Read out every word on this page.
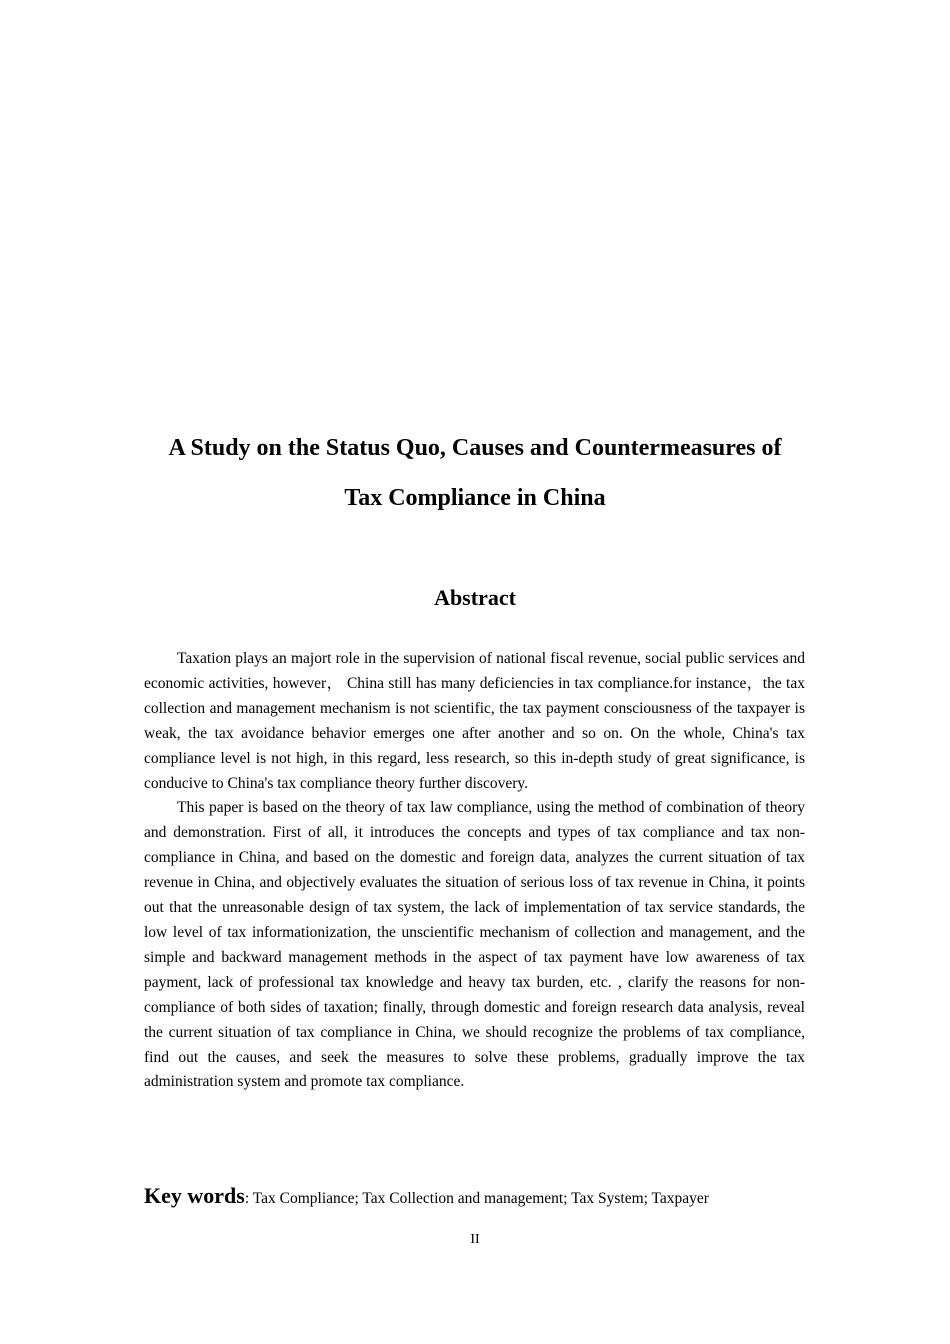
A Study on the Status Quo, Causes and Countermeasures of
Tax Compliance in China
Abstract

Taxation plays an majort role in the supervision of national fiscal revenue, social public services and economic activities, however， China still has many deficiencies in tax compliance.for instance，the tax collection and management mechanism is not scientific, the tax payment consciousness of the taxpayer is weak, the tax avoidance behavior emerges one after another and so on. On the whole, China's tax compliance level is not high, in this regard, less research, so this in-depth study of great significance, is conducive to China's tax compliance theory further discovery.

This paper is based on the theory of tax law compliance, using the method of combination of theory and demonstration. First of all, it introduces the concepts and types of tax compliance and tax non-compliance in China, and based on the domestic and foreign data, analyzes the current situation of tax revenue in China, and objectively evaluates the situation of serious loss of tax revenue in China, it points out that the unreasonable design of tax system, the lack of implementation of tax service standards, the low level of tax informationization, the unscientific mechanism of collection and management, and the simple and backward management methods in the aspect of tax payment have low awareness of tax payment, lack of professional tax knowledge and heavy tax burden, etc. , clarify the reasons for non-compliance of both sides of taxation; finally, through domestic and foreign research data analysis, reveal the current situation of tax compliance in China, we should recognize the problems of tax compliance, find out the causes, and seek the measures to solve these problems, gradually improve the tax administration system and promote tax compliance.

Key words: Tax Compliance; Tax Collection and management; Tax System; Taxpayer
II
